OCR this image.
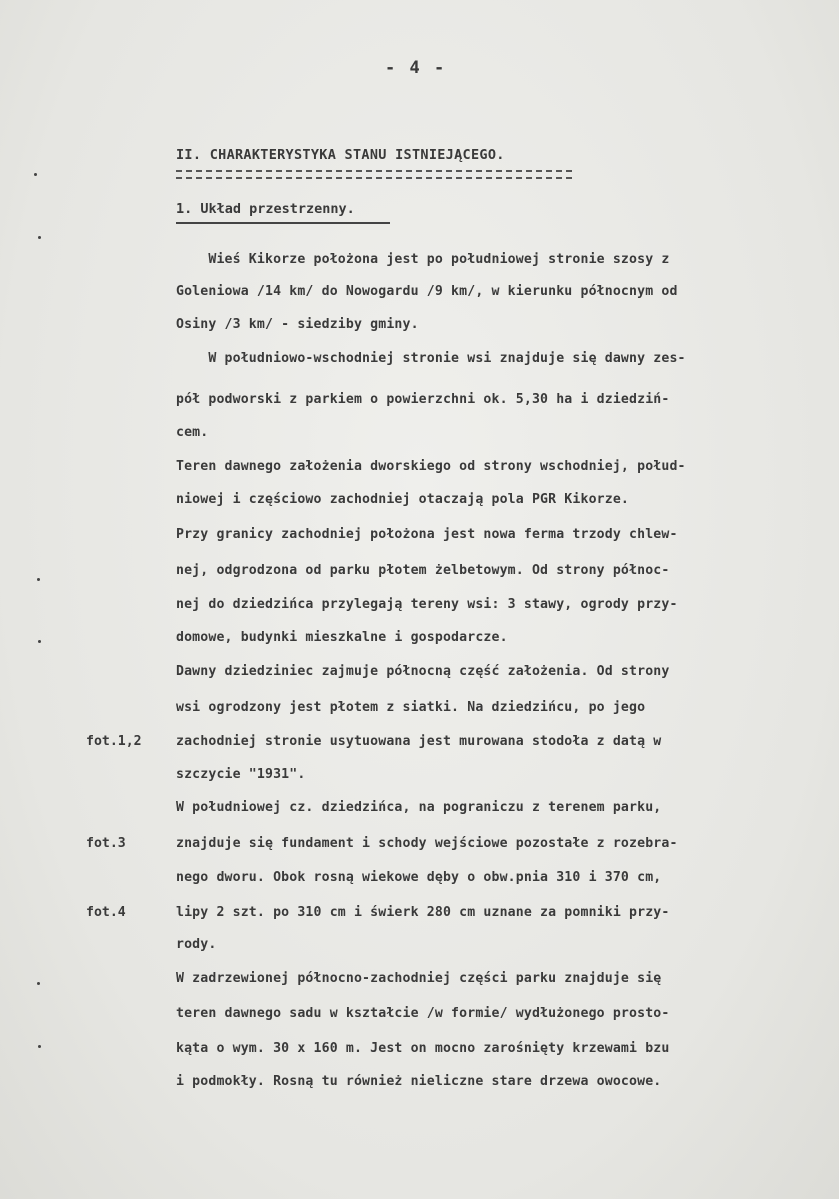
- 4 -
II. CHARAKTERYSTYKA STANU ISTNIEJĄCEGO.
1. Układ przestrzenny.
Wieś Kikorze położona jest po południowej stronie szosy z
Goleniowa /14 km/ do Nowogardu /9 km/, w kierunku północnym od
Osiny /3 km/ - siedziby gminy.
W południowo-wschodniej stronie wsi znajduje się dawny zes-
pół podworski z parkiem o powierzchni ok. 5,30 ha i dziedziń-
cem.
Teren dawnego założenia dworskiego od strony wschodniej, połud-
niowej i częściowo zachodniej otaczają pola PGR Kikorze.
Przy granicy zachodniej położona jest nowa ferma trzody chlew-
nej, odgrodzona od parku płotem żelbetowym. Od strony północ-
nej do dziedzińca przylegają tereny wsi: 3 stawy, ogrody przy-
domowe, budynki mieszkalne i gospodarcze.
Dawny dziedziniec zajmuje północną część założenia. Od strony
wsi ogrodzony jest płotem z siatki. Na dziedzińcu, po jego
zachodniej stronie usytuowana jest murowana stodoła z datą w
szczycie "1931".
W południowej cz. dziedzińca, na pograniczu z terenem parku,
znajduje się fundament i schody wejściowe pozostałe z rozebra-
nego dworu. Obok rosną wiekowe dęby o obw.pnia 310 i 370 cm,
lipy 2 szt. po 310 cm i świerk 280 cm uznane za pomniki przy-
rody.
W zadrzewionej północno-zachodniej części parku znajduje się
teren dawnego sadu w kształcie /w formie/ wydłużonego prosto-
kąta o wym. 30 x 160 m. Jest on mocno zarośnięty krzewami bzu
i podmokły. Rosną tu również nieliczne stare drzewa owocowe.
fot.1,2
fot.3
fot.4
